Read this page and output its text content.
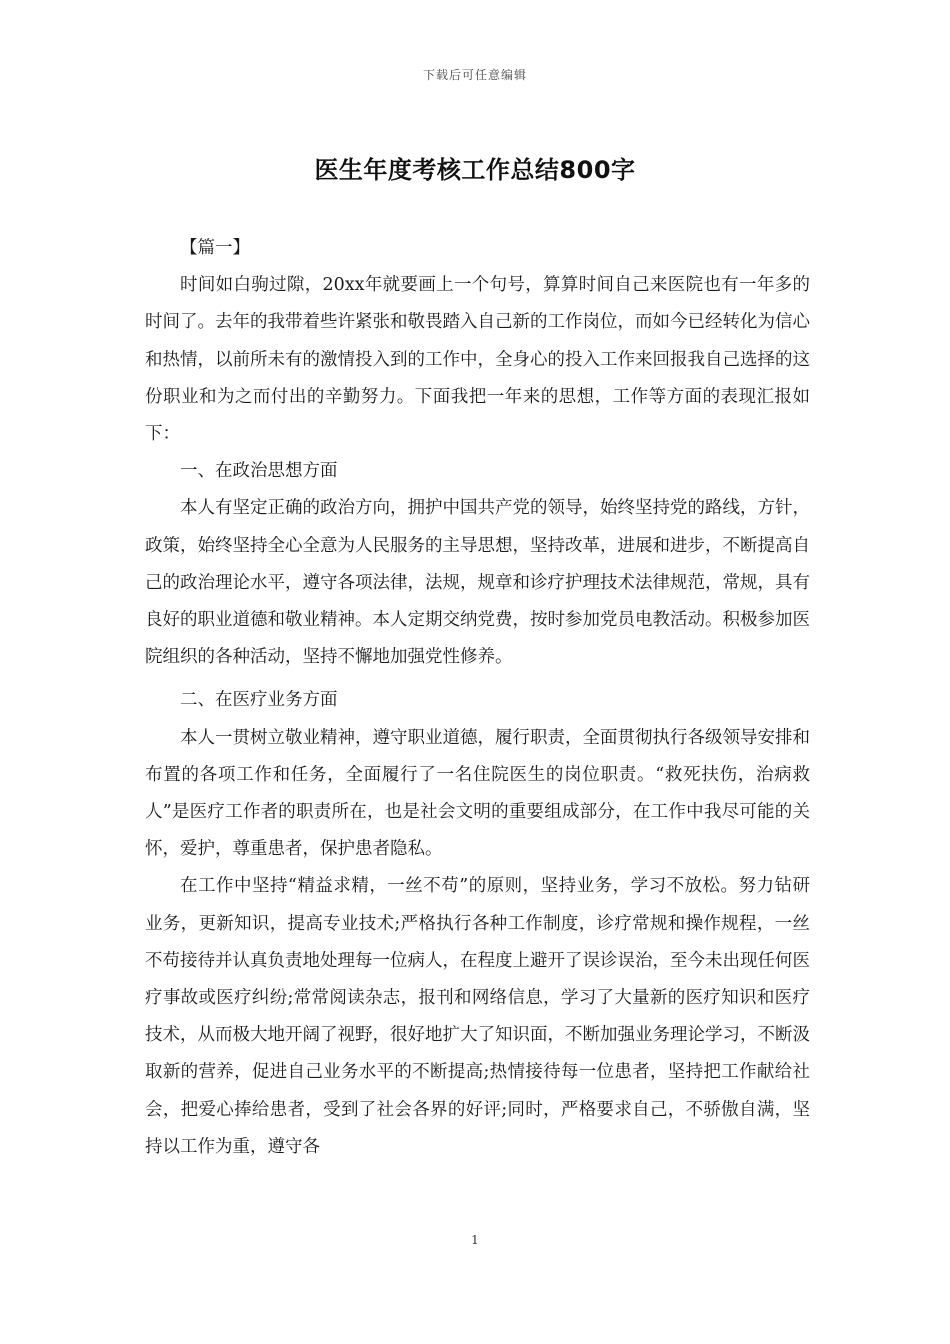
下载后可任意编辑
医生年度考核工作总结800字

【篇一】

时间如白驹过隙，20xx年就要画上一个句号，算算时间自己来医院也有一年多的时间了。去年的我带着些许紧张和敬畏踏入自己新的工作岗位，而如今已经转化为信心和热情，以前所未有的激情投入到的工作中，全身心的投入工作来回报我自己选择的这份职业和为之而付出的辛勤努力。下面我把一年来的思想，工作等方面的表现汇报如下：

一、在政治思想方面

本人有坚定正确的政治方向，拥护中国共产党的领导，始终坚持党的路线，方针，政策，始终坚持全心全意为人民服务的主导思想，坚持改革，进展和进步，不断提高自己的政治理论水平，遵守各项法律，法规，规章和诊疗护理技术法律规范，常规，具有良好的职业道德和敬业精神。本人定期交纳党费，按时参加党员电教活动。积极参加医院组织的各种活动，坚持不懈地加强党性修养。

二、在医疗业务方面

本人一贯树立敬业精神，遵守职业道德，履行职责，全面贯彻执行各级领导安排和布置的各项工作和任务，全面履行了一名住院医生的岗位职责。“救死扶伤，治病救人”是医疗工作者的职责所在，也是社会文明的重要组成部分，在工作中我尽可能的关怀，爱护，尊重患者，保护患者隐私。

在工作中坚持“精益求精，一丝不苟”的原则，坚持业务，学习不放松。努力钻研业务，更新知识，提高专业技术;严格执行各种工作制度，诊疗常规和操作规程，一丝不苟接待并认真负责地处理每一位病人，在程度上避开了误诊误治，至今未出现任何医疗事故或医疗纠纷;常常阅读杂志，报刊和网络信息，学习了大量新的医疗知识和医疗技术，从而极大地开阔了视野，很好地扩大了知识面，不断加强业务理论学习，不断汲取新的营养，促进自己业务水平的不断提高;热情接待每一位患者，坚持把工作献给社会，把爱心捧给患者，受到了社会各界的好评;同时，严格要求自己，不骄傲自满，坚持以工作为重，遵守各

1
